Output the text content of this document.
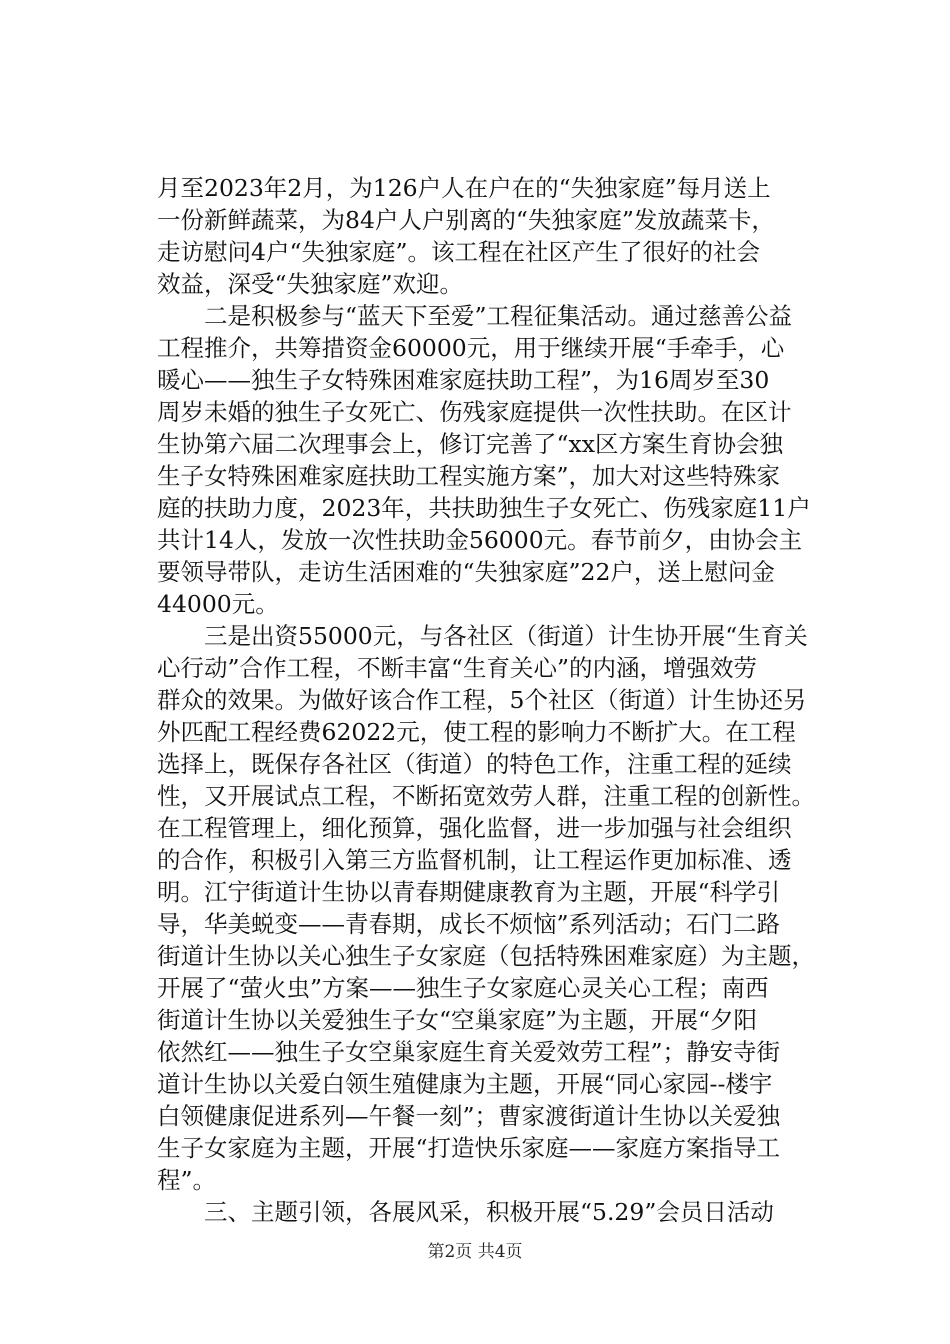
月至2023年2月，为126户人在户在的“失独家庭”每月送上
一份新鲜蔬菜，为84户人户别离的“失独家庭”发放蔬菜卡，
走访慰问4户“失独家庭”。该工程在社区产生了很好的社会
效益，深受“失独家庭”欢迎。
　　二是积极参与“蓝天下至爱”工程征集活动。通过慈善公益
工程推介，共筹措资金60000元，用于继续开展“手牵手，心
暖心——独生子女特殊困难家庭扶助工程”，为16周岁至30
周岁未婚的独生子女死亡、伤残家庭提供一次性扶助。在区计
生协第六届二次理事会上，修订完善了“xx区方案生育协会独
生子女特殊困难家庭扶助工程实施方案”，加大对这些特殊家
庭的扶助力度，2023年，共扶助独生子女死亡、伤残家庭11户
共计14人，发放一次性扶助金56000元。春节前夕，由协会主
要领导带队，走访生活困难的“失独家庭”22户，送上慰问金
44000元。
　　三是出资55000元，与各社区（街道）计生协开展“生育关
心行动”合作工程，不断丰富“生育关心”的内涵，增强效劳
群众的效果。为做好该合作工程，5个社区（街道）计生协还另
外匹配工程经费62022元，使工程的影响力不断扩大。在工程
选择上，既保存各社区（街道）的特色工作，注重工程的延续
性，又开展试点工程，不断拓宽效劳人群，注重工程的创新性。
在工程管理上，细化预算，强化监督，进一步加强与社会组织
的合作，积极引入第三方监督机制，让工程运作更加标准、透
明。江宁街道计生协以青春期健康教育为主题，开展“科学引
导，华美蜕变——青春期，成长不烦恼”系列活动；石门二路
街道计生协以关心独生子女家庭（包括特殊困难家庭）为主题，
开展了“萤火虫”方案——独生子女家庭心灵关心工程；南西
街道计生协以关爱独生子女“空巢家庭”为主题，开展“夕阳
依然红——独生子女空巢家庭生育关爱效劳工程”；静安寺街
道计生协以关爱白领生殖健康为主题，开展“同心家园--楼宇
白领健康促进系列—午餐一刻”；曹家渡街道计生协以关爱独
生子女家庭为主题，开展“打造快乐家庭——家庭方案指导工
程”。
　　三、主题引领，各展风采，积极开展“5.29”会员日活动
第2页 共4页
